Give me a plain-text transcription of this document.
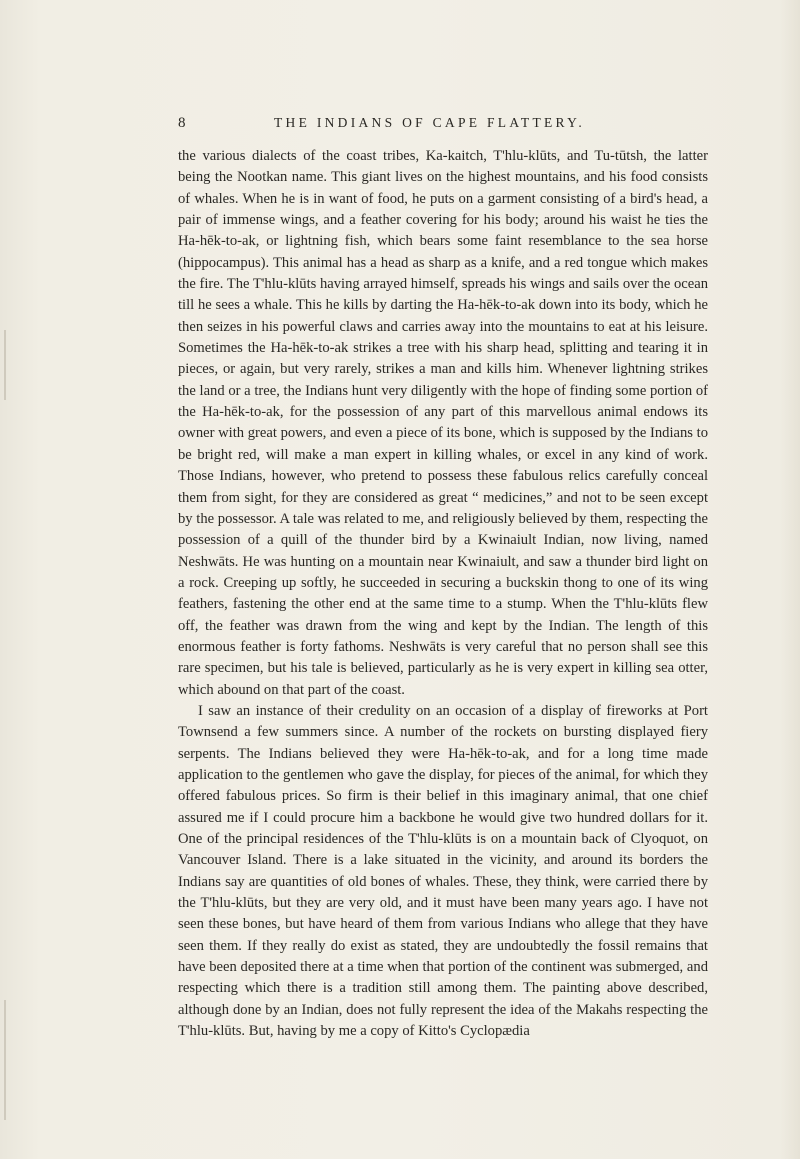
8	THE INDIANS OF CAPE FLATTERY.

the various dialects of the coast tribes, Ka-kaitch, T'hlu-klūts, and Tu-tūtsh, the latter being the Nootkan name. This giant lives on the highest mountains, and his food consists of whales. When he is in want of food, he puts on a garment consisting of a bird's head, a pair of immense wings, and a feather covering for his body; around his waist he ties the Ha-hēk-to-ak, or lightning fish, which bears some faint resemblance to the sea horse (hippocampus). This animal has a head as sharp as a knife, and a red tongue which makes the fire. The T'hlu-klūts having arrayed himself, spreads his wings and sails over the ocean till he sees a whale. This he kills by darting the Ha-hēk-to-ak down into its body, which he then seizes in his powerful claws and carries away into the mountains to eat at his leisure. Sometimes the Ha-hēk-to-ak strikes a tree with his sharp head, splitting and tearing it in pieces, or again, but very rarely, strikes a man and kills him. Whenever lightning strikes the land or a tree, the Indians hunt very diligently with the hope of finding some portion of the Ha-hēk-to-ak, for the possession of any part of this marvellous animal endows its owner with great powers, and even a piece of its bone, which is supposed by the Indians to be bright red, will make a man expert in killing whales, or excel in any kind of work. Those Indians, however, who pretend to possess these fabulous relics carefully conceal them from sight, for they are considered as great “ medicines,” and not to be seen except by the possessor. A tale was related to me, and religiously believed by them, respecting the possession of a quill of the thunder bird by a Kwinaiult Indian, now living, named Neshwāts. He was hunting on a mountain near Kwinaiult, and saw a thunder bird light on a rock. Creeping up softly, he succeeded in securing a buckskin thong to one of its wing feathers, fastening the other end at the same time to a stump. When the T'hlu-klūts flew off, the feather was drawn from the wing and kept by the Indian. The length of this enormous feather is forty fathoms. Neshwāts is very careful that no person shall see this rare specimen, but his tale is believed, particularly as he is very expert in killing sea otter, which abound on that part of the coast.

I saw an instance of their credulity on an occasion of a display of fireworks at Port Townsend a few summers since. A number of the rockets on bursting displayed fiery serpents. The Indians believed they were Ha-hēk-to-ak, and for a long time made application to the gentlemen who gave the display, for pieces of the animal, for which they offered fabulous prices. So firm is their belief in this imaginary animal, that one chief assured me if I could procure him a backbone he would give two hundred dollars for it. One of the principal residences of the T'hlu-klūts is on a mountain back of Clyoquot, on Vancouver Island. There is a lake situated in the vicinity, and around its borders the Indians say are quantities of old bones of whales. These, they think, were carried there by the T'hlu-klūts, but they are very old, and it must have been many years ago. I have not seen these bones, but have heard of them from various Indians who allege that they have seen them. If they really do exist as stated, they are undoubtedly the fossil remains that have been deposited there at a time when that portion of the continent was submerged, and respecting which there is a tradition still among them. The painting above described, although done by an Indian, does not fully represent the idea of the Makahs respecting the T'hlu-klūts. But, having by me a copy of Kitto's Cyclopædia
